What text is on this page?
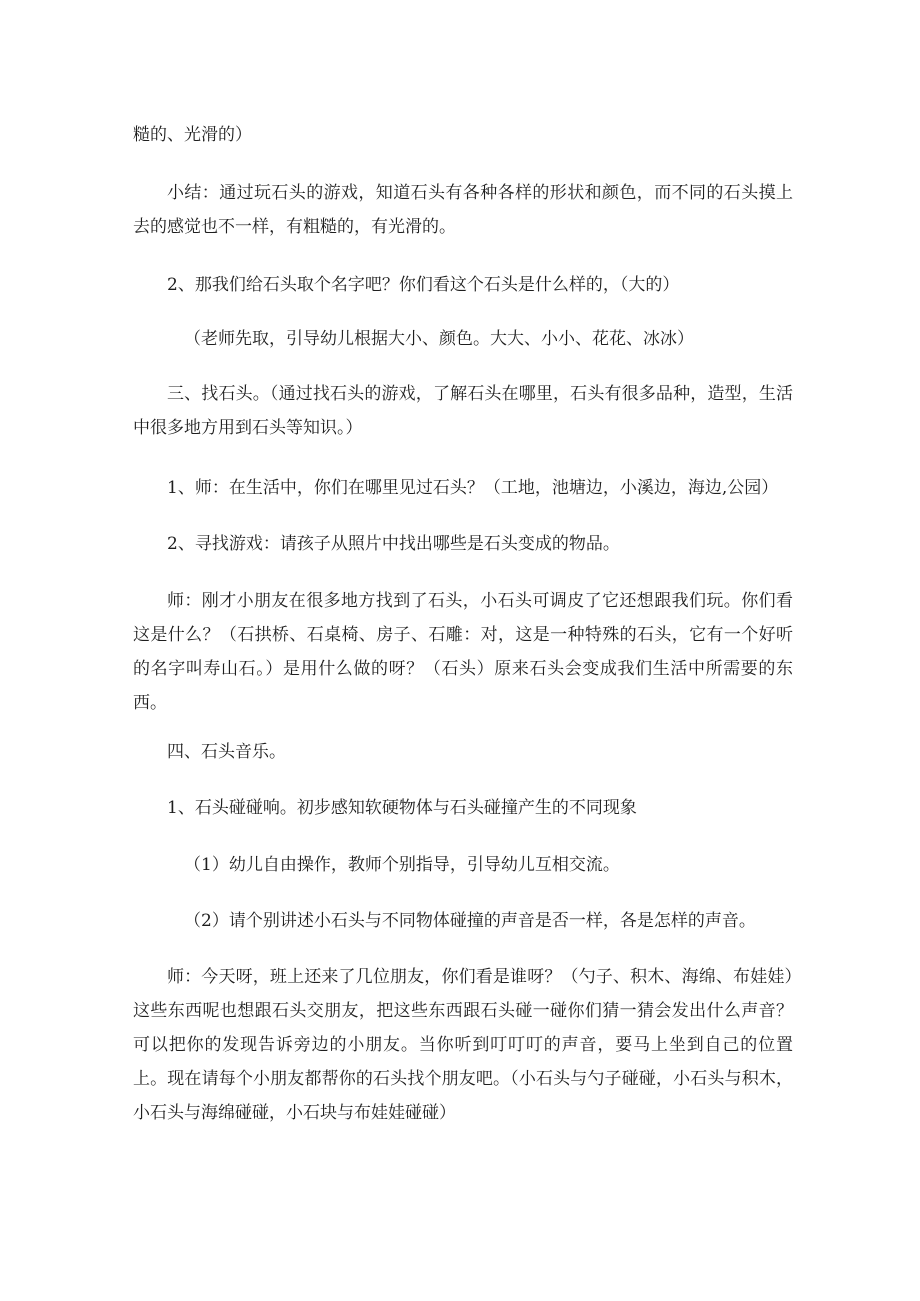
糙的、光滑的）

小结：通过玩石头的游戏，知道石头有各种各样的形状和颜色，而不同的石头摸上去的感觉也不一样，有粗糙的，有光滑的。

2、那我们给石头取个名字吧？你们看这个石头是什么样的，（大的）

（老师先取，引导幼儿根据大小、颜色。大大、小小、花花、冰冰）

三、找石头。（通过找石头的游戏，了解石头在哪里，石头有很多品种，造型，生活中很多地方用到石头等知识。）

1、师：在生活中，你们在哪里见过石头？（工地，池塘边，小溪边，海边,公园）

2、寻找游戏：请孩子从照片中找出哪些是石头变成的物品。

师：刚才小朋友在很多地方找到了石头，小石头可调皮了它还想跟我们玩。你们看这是什么？（石拱桥、石桌椅、房子、石雕：对，这是一种特殊的石头，它有一个好听的名字叫寿山石。）是用什么做的呀？（石头）原来石头会变成我们生活中所需要的东西。

四、石头音乐。

1、石头碰碰响。初步感知软硬物体与石头碰撞产生的不同现象

（1）幼儿自由操作，教师个别指导，引导幼儿互相交流。

（2）请个别讲述小石头与不同物体碰撞的声音是否一样，各是怎样的声音。

师：今天呀，班上还来了几位朋友，你们看是谁呀？（勺子、积木、海绵、布娃娃）这些东西呢也想跟石头交朋友，把这些东西跟石头碰一碰你们猜一猜会发出什么声音？可以把你的发现告诉旁边的小朋友。当你听到叮叮叮的声音，要马上坐到自己的位置上。现在请每个小朋友都帮你的石头找个朋友吧。（小石头与勺子碰碰，小石头与积木，小石头与海绵碰碰，小石块与布娃娃碰碰）
